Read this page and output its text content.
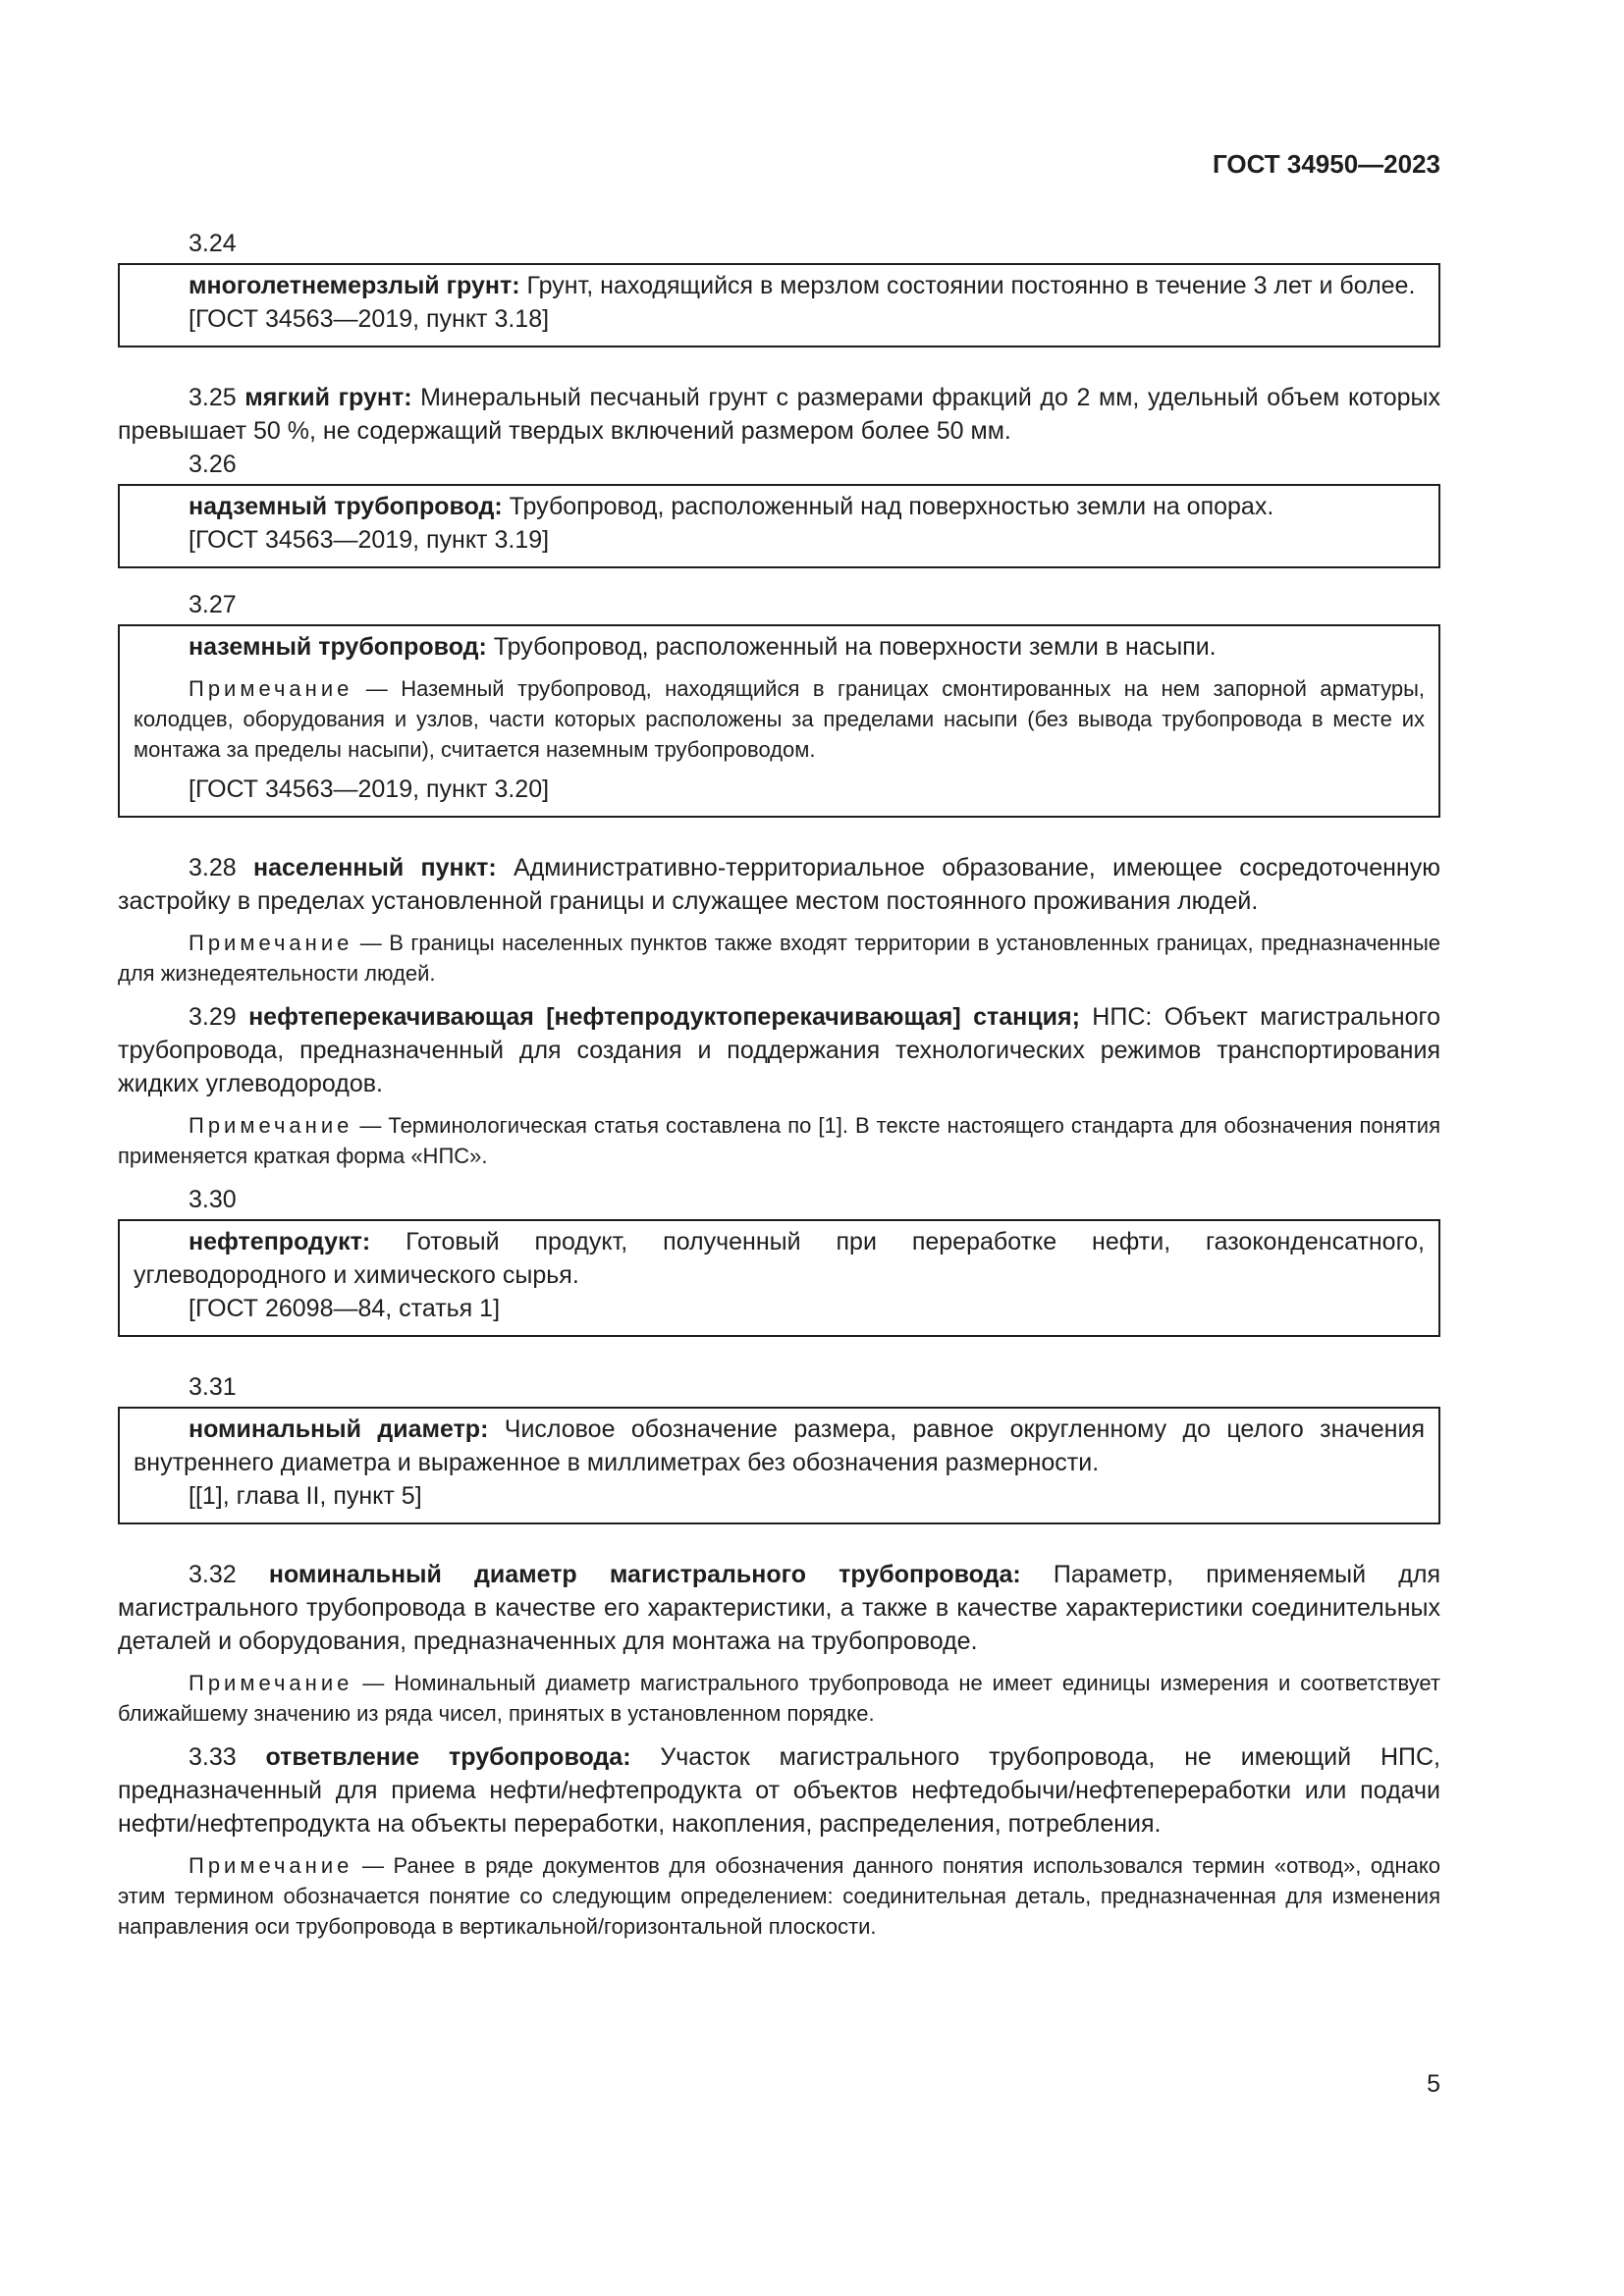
ГОСТ 34950—2023
3.24

многолетнемерзлый грунт: Грунт, находящийся в мерзлом состоянии постоянно в течение 3 лет и более.

[ГОСТ 34563—2019, пункт 3.18]

3.25 мягкий грунт: Минеральный песчаный грунт с размерами фракций до 2 мм, удельный объем которых превышает 50 %, не содержащий твердых включений размером более 50 мм.

3.26

надземный трубопровод: Трубопровод, расположенный над поверхностью земли на опорах.

[ГОСТ 34563—2019, пункт 3.19]

3.27

наземный трубопровод: Трубопровод, расположенный на поверхности земли в насыпи.

Примечание — Наземный трубопровод, находящийся в границах смонтированных на нем запорной арматуры, колодцев, оборудования и узлов, части которых расположены за пределами насыпи (без вывода трубопровода в месте их монтажа за пределы насыпи), считается наземным трубопроводом.

[ГОСТ 34563—2019, пункт 3.20]

3.28 населенный пункт: Административно-территориальное образование, имеющее сосредоточенную застройку в пределах установленной границы и служащее местом постоянного проживания людей.

Примечание — В границы населенных пунктов также входят территории в установленных границах, предназначенные для жизнедеятельности людей.

3.29 нефтеперекачивающая [нефтепродуктоперекачивающая] станция; НПС: Объект магистрального трубопровода, предназначенный для создания и поддержания технологических режимов транспортирования жидких углеводородов.

Примечание — Терминологическая статья составлена по [1]. В тексте настоящего стандарта для обозначения понятия применяется краткая форма «НПС».

3.30

нефтепродукт: Готовый продукт, полученный при переработке нефти, газоконденсатного, углеводородного и химического сырья.

[ГОСТ 26098—84, статья 1]

3.31

номинальный диаметр: Числовое обозначение размера, равное округленному до целого значения внутреннего диаметра и выраженное в миллиметрах без обозначения размерности.

[[1], глава II, пункт 5]

3.32 номинальный диаметр магистрального трубопровода: Параметр, применяемый для магистрального трубопровода в качестве его характеристики, а также в качестве характеристики соединительных деталей и оборудования, предназначенных для монтажа на трубопроводе.

Примечание — Номинальный диаметр магистрального трубопровода не имеет единицы измерения и соответствует ближайшему значению из ряда чисел, принятых в установленном порядке.

3.33 ответвление трубопровода: Участок магистрального трубопровода, не имеющий НПС, предназначенный для приема нефти/нефтепродукта от объектов нефтедобычи/нефтепереработки или подачи нефти/нефтепродукта на объекты переработки, накопления, распределения, потребления.

Примечание — Ранее в ряде документов для обозначения данного понятия использовался термин «отвод», однако этим термином обозначается понятие со следующим определением: соединительная деталь, предназначенная для изменения направления оси трубопровода в вертикальной/горизонтальной плоскости.

5
